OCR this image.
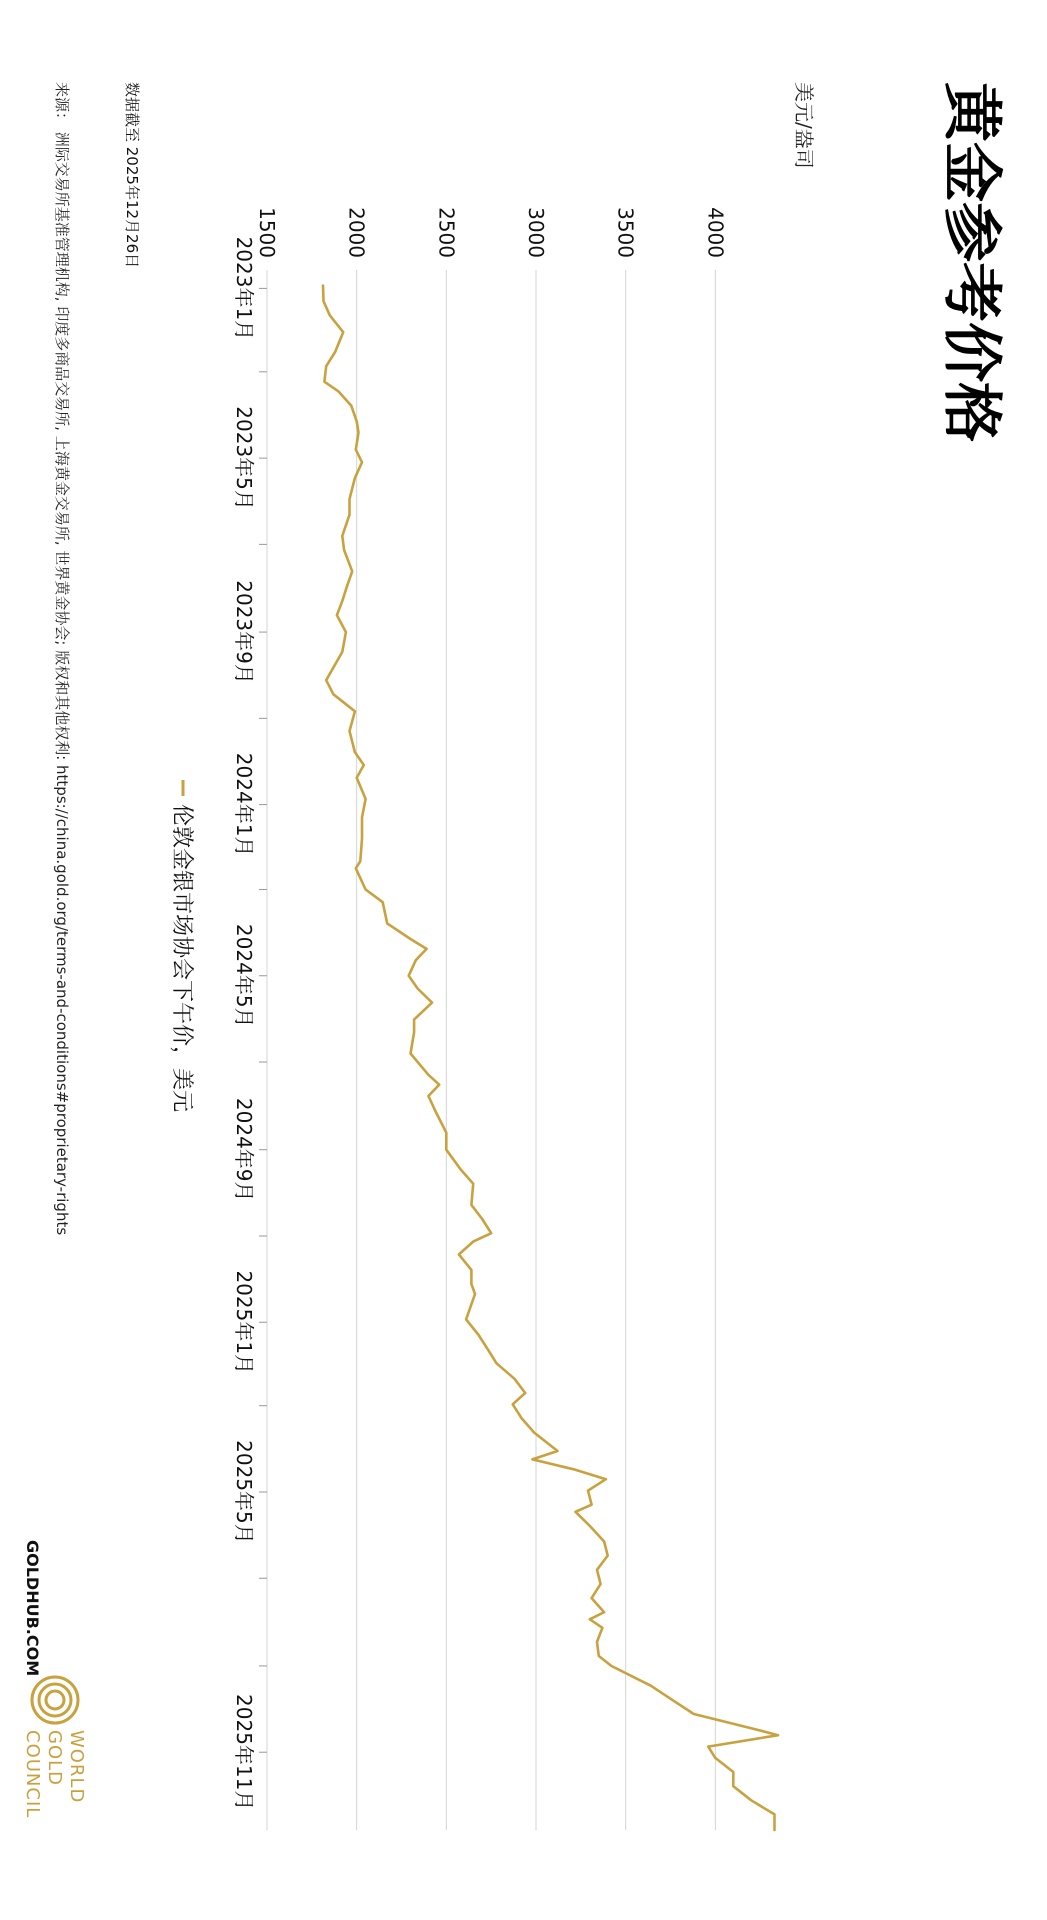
黄金参考价格
美元/盎司
1500	2000	2500	3000	3500	4000
2023年1月
2023年5月
2023年9月
2024年1月
2024年5月
2024年9月
2025年1月
2025年5月
2025年11月
伦敦金银市场协会下午价，美元
数据截至 2025年12月26日
来源： 洲际交易所基准管理机构, 印度多商品交易所, 上海黄金交易所, 世界黄金协会; 版权和其他权利: https://china.gold.org/terms-and-conditions#proprietary-rights
GOLDHUB.COM
WORLD
GOLD
COUNCIL
